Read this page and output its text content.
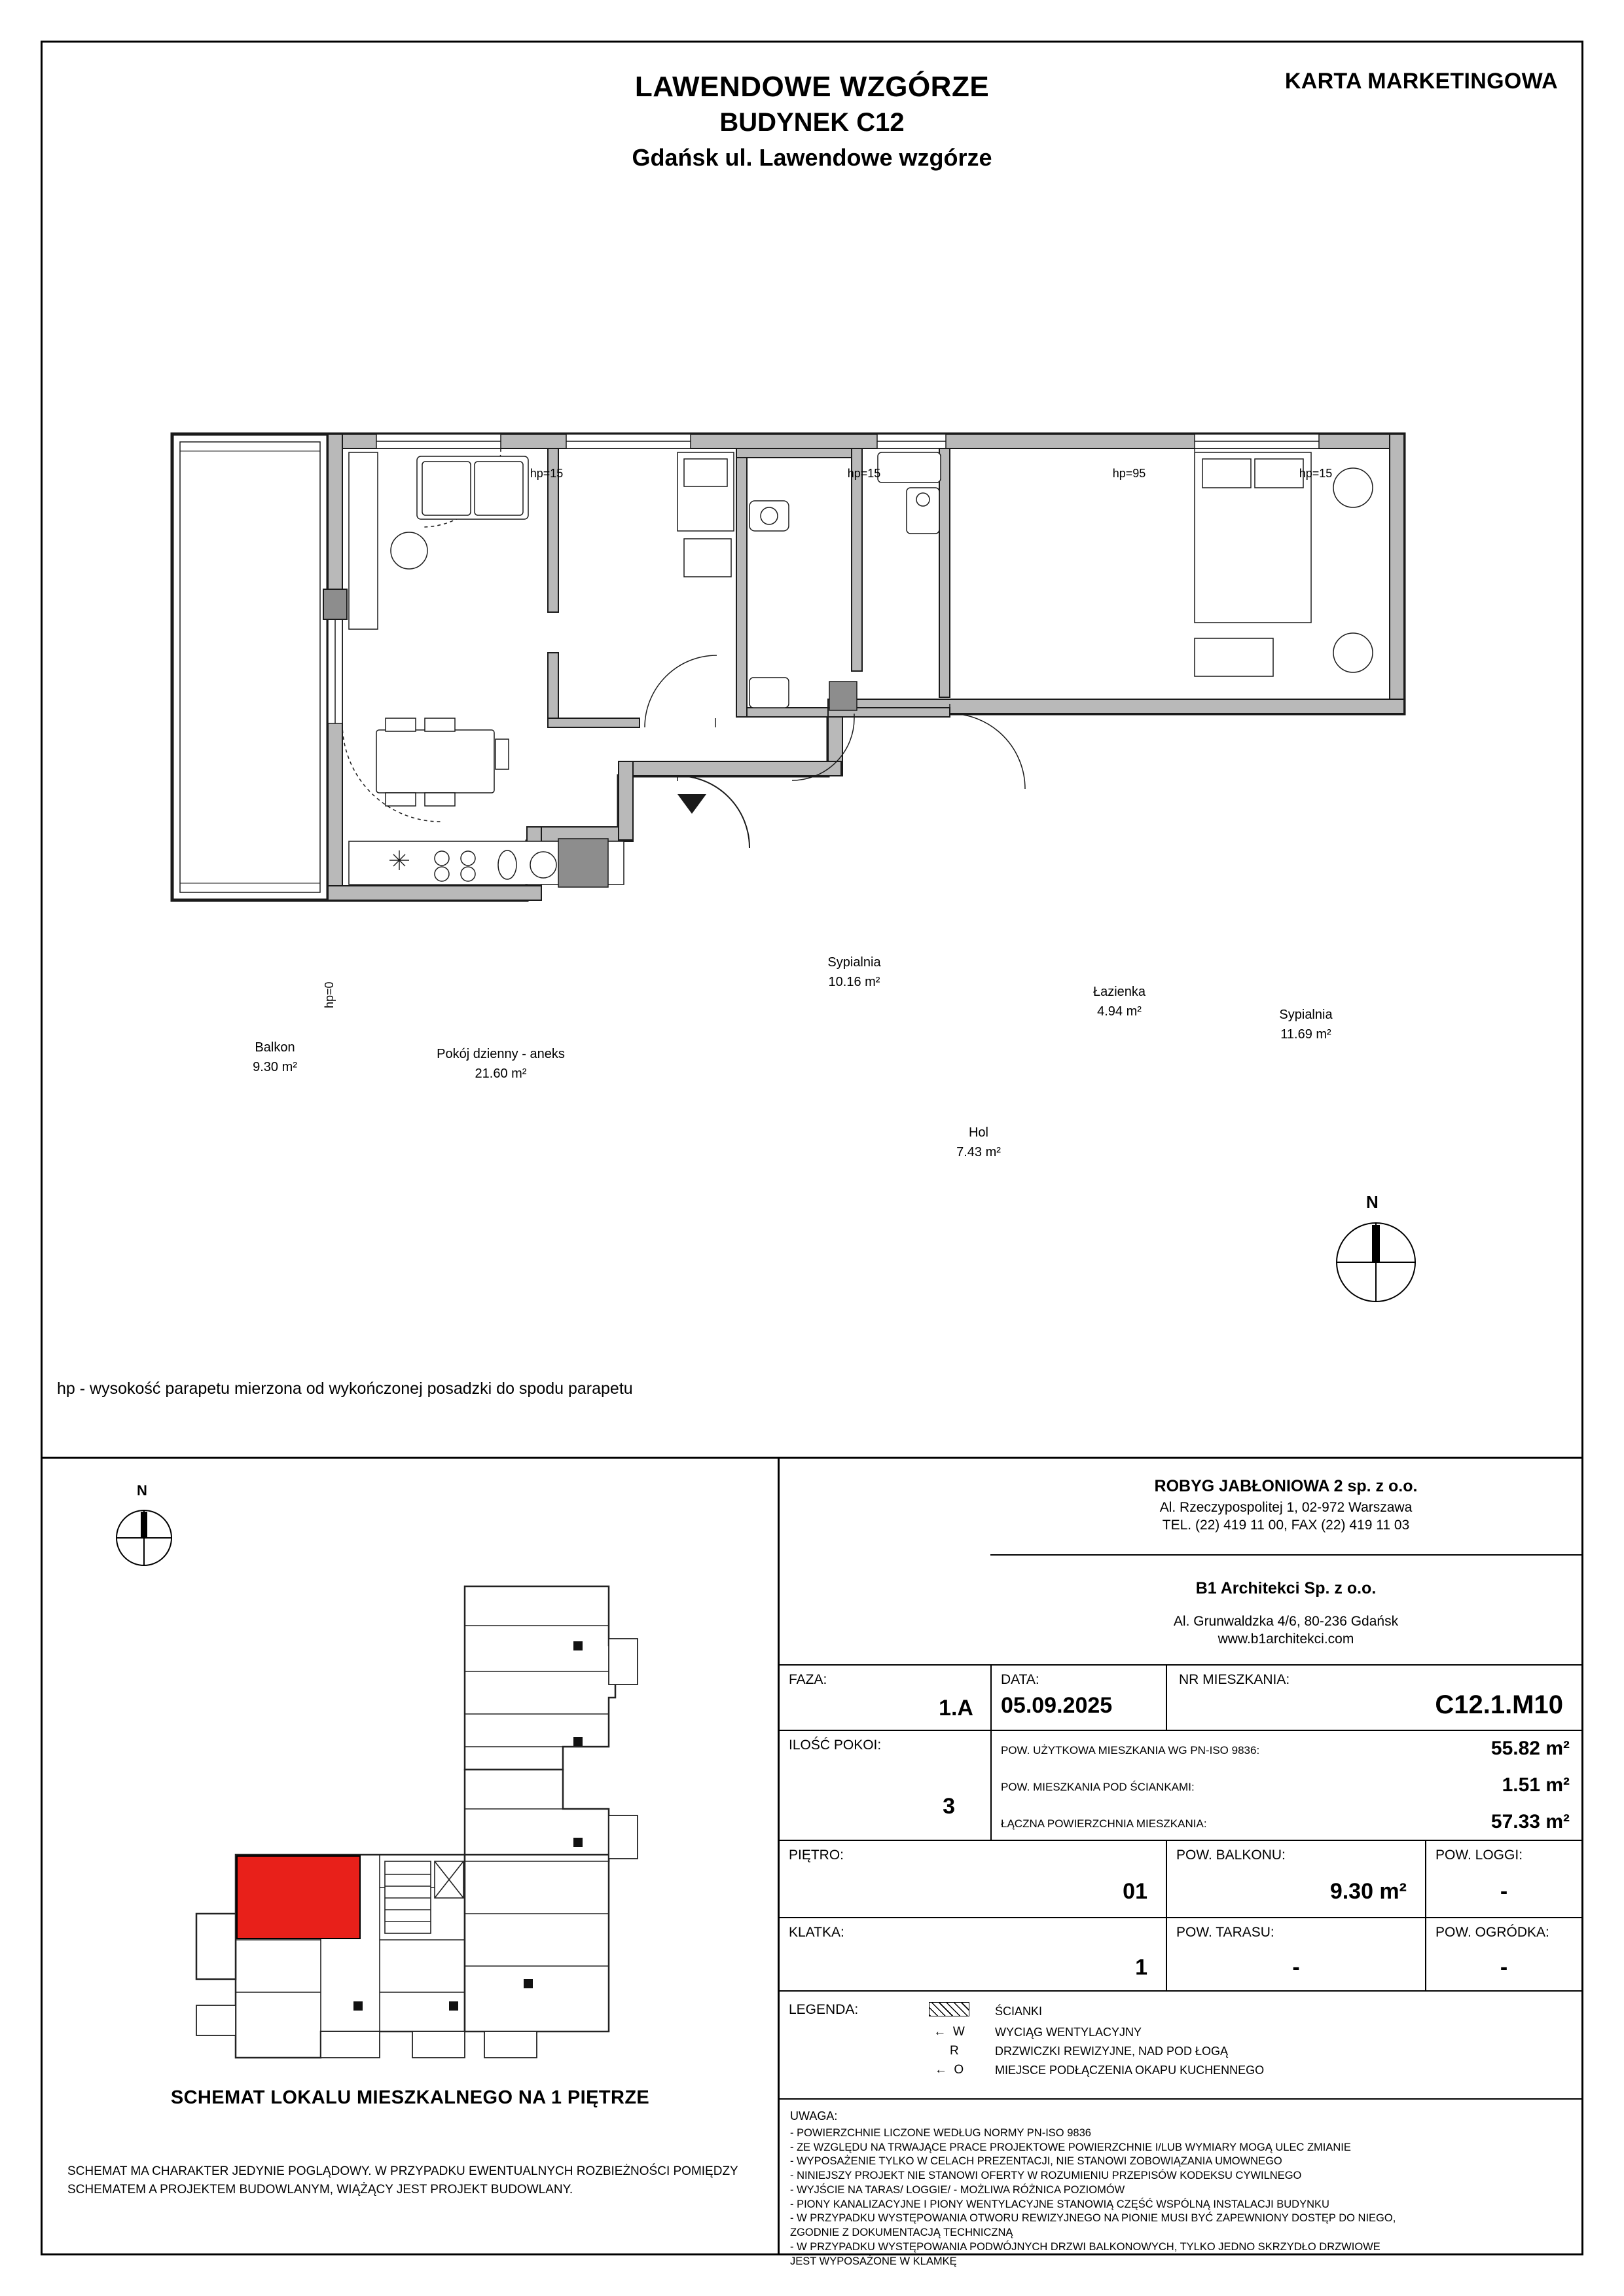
LAWENDOWE WZGÓRZE
BUDYNEK C12
Gdańsk ul. Lawendowe wzgórze
KARTA MARKETINGOWA
Balkon
9.30 m²
Pokój dzienny - aneks
21.60 m²
Sypialnia
10.16 m²
Łazienka
4.94 m²	Sypialnia
11.69 m²
Hol
7.43 m²
hp=15	hp=15	hp=95	hp=15
hp=0
hp - wysokość parapetu mierzona od wykończonej posadzki do spodu parapetu
N
N
SCHEMAT LOKALU MIESZKALNEGO NA 1 PIĘTRZE
SCHEMAT MA CHARAKTER JEDYNIE POGLĄDOWY. W PRZYPADKU EWENTUALNYCH ROZBIEŻNOŚCI POMIĘDZY SCHEMATEM A PROJEKTEM BUDOWLANYM, WIĄŻĄCY JEST PROJEKT BUDOWLANY.
ROBYG JABŁONIOWA 2 sp. z o.o.
Al. Rzeczypospolitej 1, 02-972 Warszawa
TEL. (22) 419 11 00, FAX (22) 419 11 03
B1 Architekci Sp. z o.o.
Al. Grunwaldzka 4/6, 80-236 Gdańsk
www.b1architekci.com
FAZA:
1.A
DATA:
05.09.2025
NR MIESZKANIA:
C12.1.M10
ILOŚĆ POKOI:
3
POW. UŻYTKOWA MIESZKANIA WG PN-ISO 9836:	55.82 m²
POW. MIESZKANIA POD ŚCIANKAMI:	1.51 m²
ŁĄCZNA POWIERZCHNIA MIESZKANIA:	57.33 m²
PIĘTRO:
01
POW. BALKONU:
9.30 m²
POW. LOGGI:
-
KLATKA:
1
POW. TARASU:
-
POW. OGRÓDKA:
-
LEGENDA:	ŚCIANKI
←  W	WYCIĄG WENTYLACYJNY
R	DRZWICZKI REWIZYJNE, NAD POD ŁOGĄ
←  O	MIEJSCE PODŁĄCZENIA OKAPU KUCHENNEGO
UWAGA:
- POWIERZCHNIE LICZONE WEDŁUG NORMY PN-ISO 9836
- ZE WZGLĘDU NA TRWAJĄCE PRACE PROJEKTOWE POWIERZCHNIE I/LUB WYMIARY MOGĄ ULEC ZMIANIE
- WYPOSAŻENIE TYLKO W CELACH PREZENTACJI, NIE STANOWI ZOBOWIĄZANIA UMOWNEGO
- NINIEJSZY PROJEKT NIE STANOWI OFERTY W ROZUMIENIU PRZEPISÓW KODEKSU CYWILNEGO
- WYJŚCIE NA TARAS/ LOGGIE/ - MOŻLIWA RÓŻNICA POZIOMÓW
- PIONY KANALIZACYJNE I PIONY WENTYLACYJNE STANOWIĄ CZĘŚĆ WSPÓLNĄ INSTALACJI BUDYNKU
- W PRZYPADKU WYSTĘPOWANIA OTWORU REWIZYJNEGO NA PIONIE MUSI BYĆ ZAPEWNIONY DOSTĘP DO NIEGO,
ZGODNIE Z DOKUMENTACJĄ TECHNICZNĄ
- W PRZYPADKU WYSTĘPOWANIA PODWÓJNYCH DRZWI BALKONOWYCH, TYLKO JEDNO SKRZYDŁO DRZWIOWE
JEST WYPOSAŻONE W KLAMKĘ
